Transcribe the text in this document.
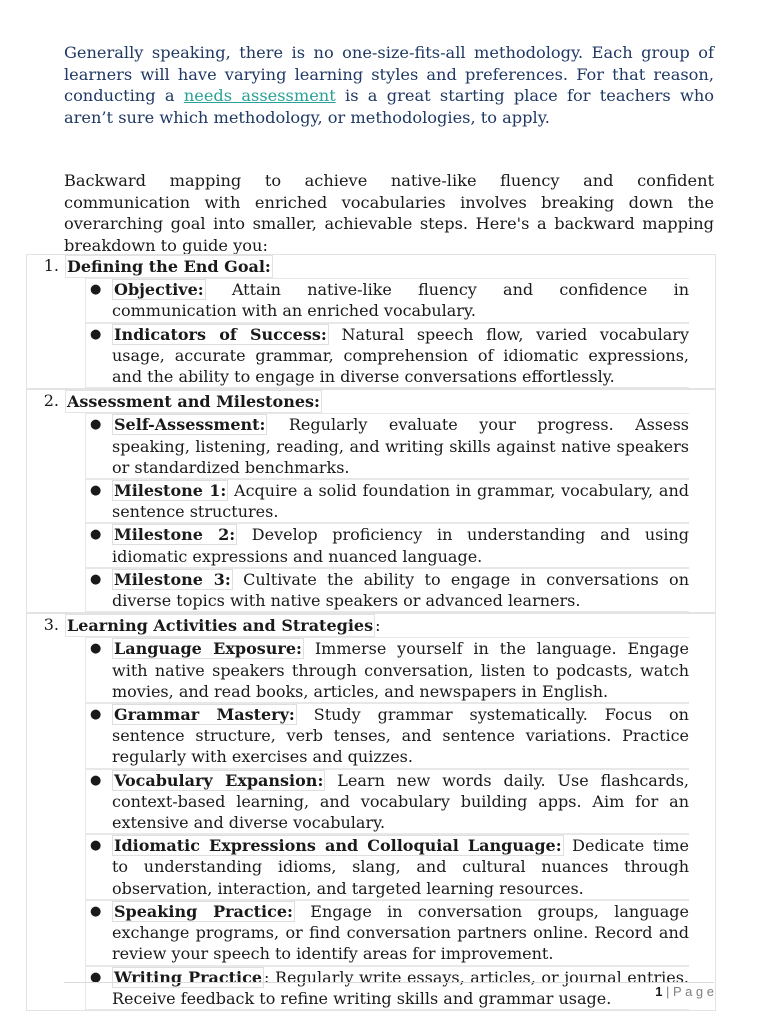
Generally speaking, there is no one-size-fits-all methodology. Each group of learners will have varying learning styles and preferences. For that reason, conducting a needs assessment is a great starting place for teachers who aren’t sure which methodology, or methodologies, to apply.

Backward mapping to achieve native-like fluency and confident communication with enriched vocabularies involves breaking down the overarching goal into smaller, achievable steps. Here's a backward mapping breakdown to guide you:

1. Defining the End Goal:
● Objective: Attain native-like fluency and confidence in communication with an enriched vocabulary.
● Indicators of Success: Natural speech flow, varied vocabulary usage, accurate grammar, comprehension of idiomatic expressions, and the ability to engage in diverse conversations effortlessly.
2. Assessment and Milestones:
● Self-Assessment: Regularly evaluate your progress. Assess speaking, listening, reading, and writing skills against native speakers or standardized benchmarks.
● Milestone 1: Acquire a solid foundation in grammar, vocabulary, and sentence structures.
● Milestone 2: Develop proficiency in understanding and using idiomatic expressions and nuanced language.
● Milestone 3: Cultivate the ability to engage in conversations on diverse topics with native speakers or advanced learners.
3. Learning Activities and Strategies :
● Language Exposure: Immerse yourself in the language. Engage with native speakers through conversation, listen to podcasts, watch movies, and read books, articles, and newspapers in English.
● Grammar Mastery: Study grammar systematically. Focus on sentence structure, verb tenses, and sentence variations. Practice regularly with exercises and quizzes.
● Vocabulary Expansion: Learn new words daily. Use flashcards, context-based learning, and vocabulary building apps. Aim for an extensive and diverse vocabulary.
● Idiomatic Expressions and Colloquial Language: Dedicate time to understanding idioms, slang, and cultural nuances through observation, interaction, and targeted learning resources.
● Speaking Practice: Engage in conversation groups, language exchange programs, or find conversation partners online. Record and review your speech to identify areas for improvement.
● Writing Practice : Regularly write essays, articles, or journal entries. Receive feedback to refine writing skills and grammar usage.	1 | P a g e
